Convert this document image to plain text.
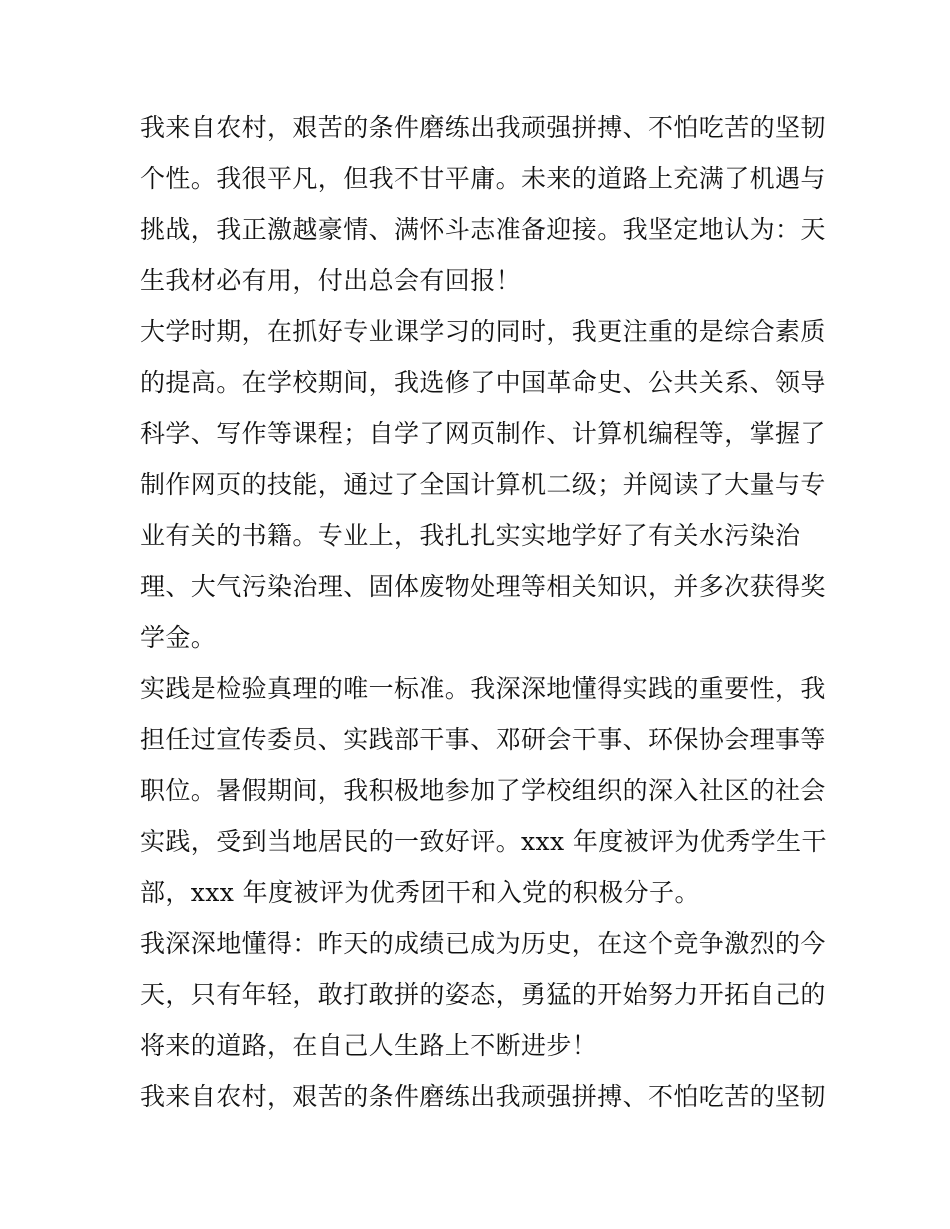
我来自农村，艰苦的条件磨练出我顽强拼搏、不怕吃苦的坚韧
个性。我很平凡，但我不甘平庸。未来的道路上充满了机遇与
挑战，我正激越豪情、满怀斗志准备迎接。我坚定地认为：天
生我材必有用，付出总会有回报！
大学时期，在抓好专业课学习的同时，我更注重的是综合素质
的提高。在学校期间，我选修了中国革命史、公共关系、领导
科学、写作等课程；自学了网页制作、计算机编程等，掌握了
制作网页的技能，通过了全国计算机二级；并阅读了大量与专
业有关的书籍。专业上，我扎扎实实地学好了有关水污染治
理、大气污染治理、固体废物处理等相关知识，并多次获得奖
学金。
实践是检验真理的唯一标准。我深深地懂得实践的重要性，我
担任过宣传委员、实践部干事、邓研会干事、环保协会理事等
职位。暑假期间，我积极地参加了学校组织的深入社区的社会
实践，受到当地居民的一致好评。xxx 年度被评为优秀学生干
部，xxx 年度被评为优秀团干和入党的积极分子。
我深深地懂得：昨天的成绩已成为历史，在这个竞争激烈的今
天，只有年轻，敢打敢拼的姿态，勇猛的开始努力开拓自己的
将来的道路，在自己人生路上不断进步！
我来自农村，艰苦的条件磨练出我顽强拼搏、不怕吃苦的坚韧
